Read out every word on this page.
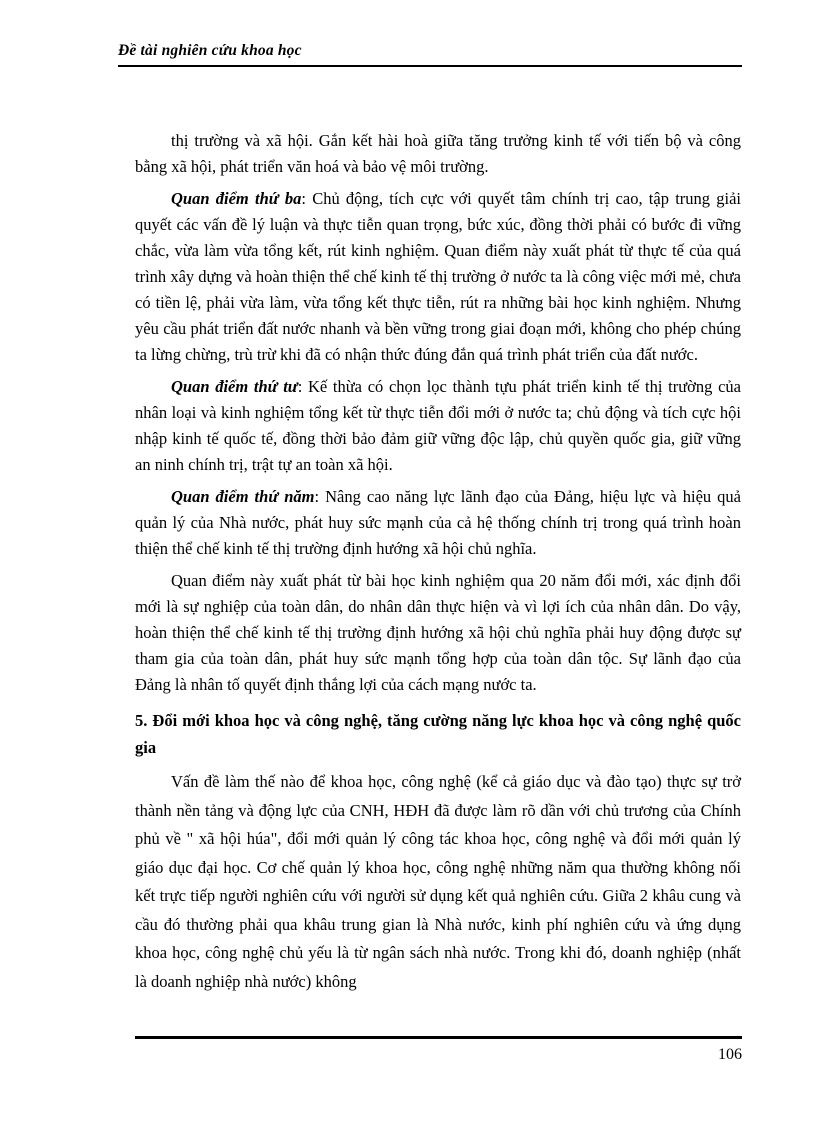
Đề tài nghiên cứu khoa học

thị trường và xã hội. Gắn kết hài hoà giữa tăng trưởng kinh tế với tiến bộ và công bằng xã hội, phát triển văn hoá và bảo vệ môi trường.

Quan điểm thứ ba: Chủ động, tích cực với quyết tâm chính trị cao, tập trung giải quyết các vấn đề lý luận và thực tiễn quan trọng, bức xúc, đồng thời phải có bước đi vững chắc, vừa làm vừa tổng kết, rút kinh nghiệm. Quan điểm này xuất phát từ thực tế của quá trình xây dựng và hoàn thiện thể chế kinh tế thị trường ở nước ta là công việc mới mẻ, chưa có tiền lệ, phải vừa làm, vừa tổng kết thực tiễn, rút ra những bài học kinh nghiệm. Nhưng yêu cầu phát triển đất nước nhanh và bền vững trong giai đoạn mới, không cho phép chúng ta lừng chừng, trù trừ khi đã có nhận thức đúng đắn quá trình phát triển của đất nước.

Quan điểm thứ tư: Kế thừa có chọn lọc thành tựu phát triển kinh tế thị trường của nhân loại và kinh nghiệm tổng kết từ thực tiễn đổi mới ở nước ta; chủ động và tích cực hội nhập kinh tế quốc tế, đồng thời bảo đảm giữ vững độc lập, chủ quyền quốc gia, giữ vững an ninh chính trị, trật tự an toàn xã hội.

Quan điểm thứ năm: Nâng cao năng lực lãnh đạo của Đảng, hiệu lực và hiệu quả quản lý của Nhà nước, phát huy sức mạnh của cả hệ thống chính trị trong quá trình hoàn thiện thể chế kinh tế thị trường định hướng xã hội chủ nghĩa.

Quan điểm này xuất phát từ bài học kinh nghiệm qua 20 năm đổi mới, xác định đổi mới là sự nghiệp của toàn dân, do nhân dân thực hiện và vì lợi ích của nhân dân. Do vậy, hoàn thiện thể chế kinh tế thị trường định hướng xã hội chủ nghĩa phải huy động được sự tham gia của toàn dân, phát huy sức mạnh tổng hợp của toàn dân tộc. Sự lãnh đạo của Đảng là nhân tố quyết định thắng lợi của cách mạng nước ta.

5. Đổi mới khoa học và công nghệ, tăng cường năng lực khoa học và công nghệ quốc gia

Vấn đề làm thế nào để khoa học, công nghệ (kể cả giáo dục và đào tạo) thực sự trở thành nền tảng và động lực của CNH, HĐH đã được làm rõ dần với chủ trương của Chính phủ về " xã hội húa", đổi mới quản lý công tác khoa học, công nghệ và đổi mới quản lý giáo dục đại học. Cơ chế quản lý khoa học, công nghệ những năm qua thường không nối kết trực tiếp người nghiên cứu với người sử dụng kết quả nghiên cứu. Giữa 2 khâu cung và cầu đó thường phải qua khâu trung gian là Nhà nước, kinh phí nghiên cứu và ứng dụng khoa học, công nghệ chủ yếu là từ ngân sách nhà nước. Trong khi đó, doanh nghiệp (nhất là doanh nghiệp nhà nước) không

106
